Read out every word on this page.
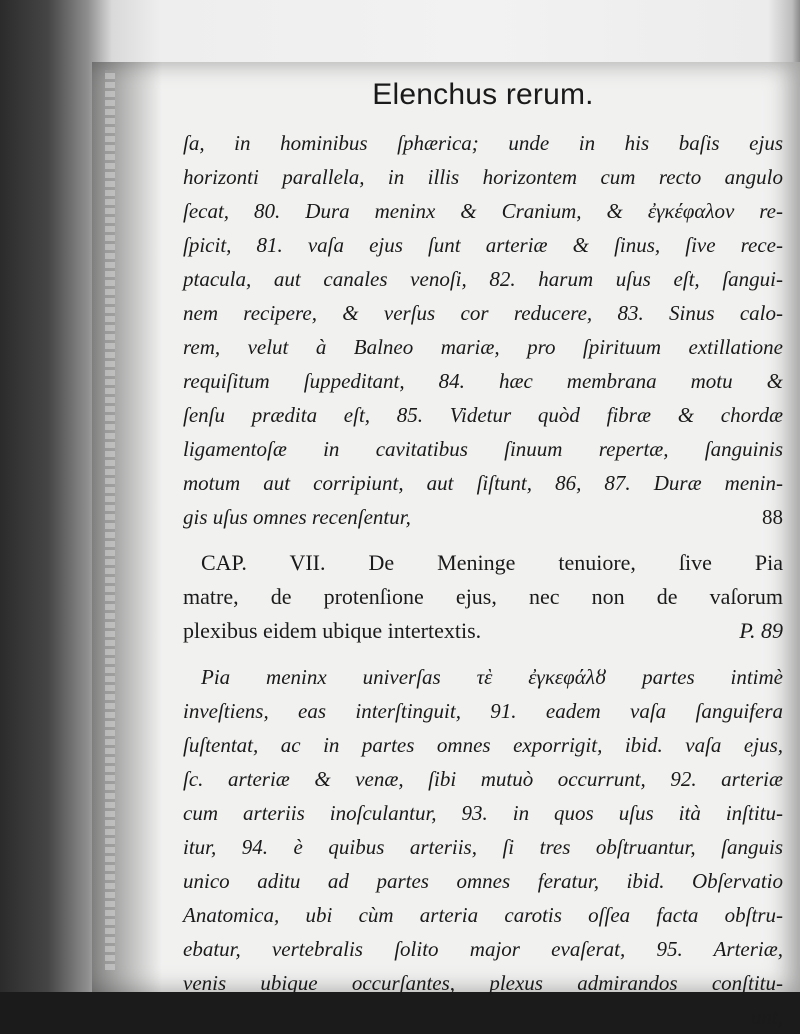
Elenchus rerum.
ſa, in hominibus ſphærica; unde in his baſis ejus
horizonti parallela, in illis horizontem cum recto angulo
ſecat, 80. Dura meninx & Cranium, & ἐγκέφαλον re-
ſpicit, 81. vaſa ejus ſunt arteriæ & ſinus, ſive rece-
ptacula, aut canales venoſi, 82. harum uſus eſt, ſangui-
nem recipere, & verſus cor reducere, 83. Sinus calo-
rem, velut à Balneo mariæ, pro ſpirituum extillatione
requiſitum ſuppeditant, 84. hæc membrana motu &
ſenſu prædita eſt, 85. Videtur quòd fibræ & chordæ
ligamentoſæ in cavitatibus ſinuum repertæ, ſanguinis
motum aut corripiunt, aut ſiſtunt, 86, 87. Duræ menin-
gis uſus omnes recenſentur,	88
CAP. VII. De Meninge tenuiore, ſive Pia
matre, de protenſione ejus, nec non de vaſorum
plexibus eidem ubique intertextis.	P. 89
Pia meninx univerſas τὲ ἐγκεφάλȣ partes intimè
inveſtiens, eas interſtinguit, 91. eadem vaſa ſanguifera
ſuſtentat, ac in partes omnes exporrigit, ibid. vaſa ejus,
ſc. arteriæ & venæ, ſibi mutuò occurrunt, 92. arteriæ
cum arteriis inoſculantur, 93. in quos uſus ità inſtitu-
itur, 94. è quibus arteriis, ſi tres obſtruantur, ſanguis
unico aditu ad partes omnes feratur, ibid. Obſervatio
Anatomica, ubi cùm arteria carotis oſſea facta obſtru-
ebatur, vertebralis ſolito major evaſerat, 95. Arteriæ,
venis ubique occurſantes, plexus admirandos conſtitu-
unt,
